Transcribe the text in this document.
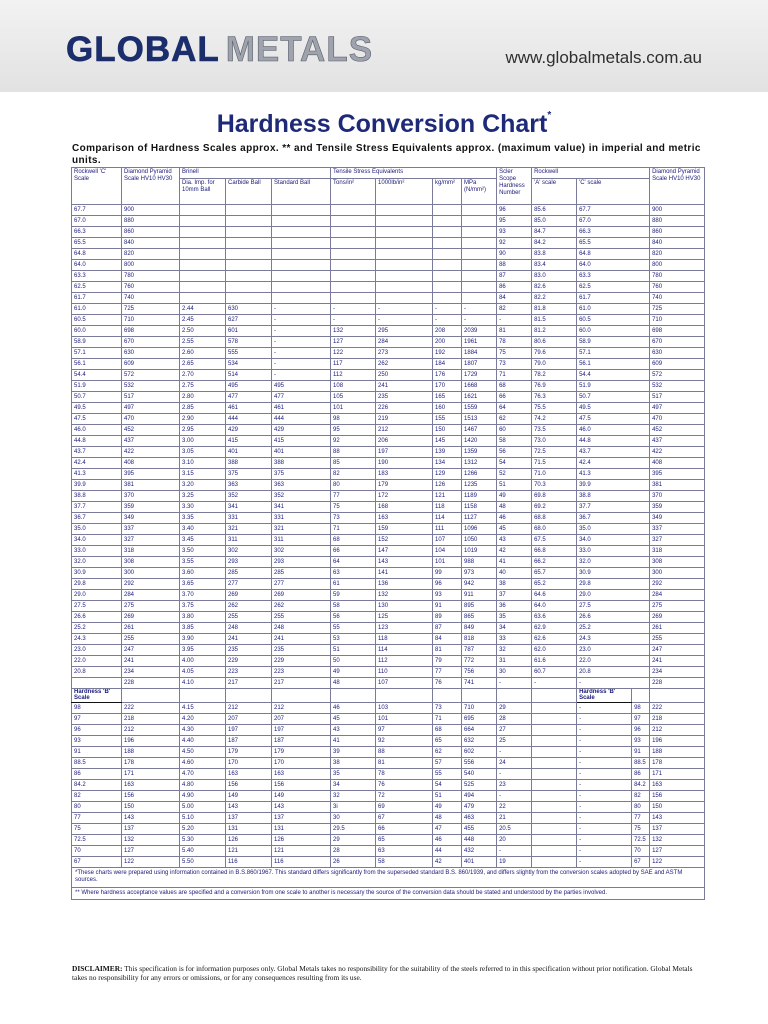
GLOBAL METALS	www.globalmetals.com.au
Hardness Conversion Chart*
Comparison of Hardness Scales approx. ** and Tensile Stress Equivalents approx. (maximum value) in imperial and metric units.
Rockwell 'C' Scale	Diamond Pyramid Scale HV10 HV30	Brinell			Tensile Stress Equivalents				Scler Scope Hardness Number	Rockwell			Diamond Pyramid Scale HV10 HV30
		Dia. Imp. for 10mm Ball	Carbide Ball	Standard Ball	Tons/in²	1000lb/in²	kg/mm²	MPa (N/mm²)		'A' scale	'C' scale		
67.7	900								96	85.6	67.7		900
67.0	880								95	85.0	67.0		880
66.3	860								93	84.7	66.3		860
65.5	840								92	84.2	65.5		840
64.8	820								90	83.8	64.8		820
64.0	800								88	83.4	64.0		800
63.3	780								87	83.0	63.3		780
62.5	760								86	82.6	62.5		760
61.7	740								84	82.2	61.7		740
61.0	725	2.44	630	-	-	-	-	-	82	81.8	61.0		725
60.5	710	2.45	627	-	-	-	-	-	-	81.5	60.5		710
60.0	698	2.50	601	-	132	295	208	2039	81	81.2	60.0		698
58.9	670	2.55	578	-	127	284	200	1961	78	80.6	58.9		670
57.1	630	2.60	555	-	122	273	192	1884	75	79.6	57.1		630
56.1	609	2.65	534	-	117	262	184	1807	73	79.0	56.1		609
54.4	572	2.70	514	-	112	250	176	1729	71	78.2	54.4		572
51.9	532	2.75	495	495	108	241	170	1668	68	76.9	51.9		532
50.7	517	2.80	477	477	105	235	165	1621	66	76.3	50.7		517
49.5	497	2.85	461	461	101	226	160	1559	64	75.5	49.5		497
47.5	470	2.90	444	444	98	219	155	1513	62	74.2	47.5		470
46.0	452	2.95	429	429	95	212	150	1467	60	73.5	46.0		452
44.8	437	3.00	415	415	92	206	145	1420	58	73.0	44.8		437
43.7	422	3.05	401	401	88	197	139	1359	56	72.5	43.7		422
42.4	408	3.10	388	388	85	190	134	1312	54	71.5	42.4		408
41.3	395	3.15	375	375	82	183	129	1266	52	71.0	41.3		395
39.9	381	3.20	363	363	80	179	126	1235	51	70.3	39.9		381
38.8	370	3.25	352	352	77	172	121	1189	49	69.8	38.8		370
37.7	359	3.30	341	341	75	168	118	1158	48	69.2	37.7		359
36.7	349	3.35	331	331	73	163	114	1127	46	68.8	36.7		349
35.0	337	3.40	321	321	71	159	111	1096	45	68.0	35.0		337
34.0	327	3.45	311	311	68	152	107	1050	43	67.5	34.0		327
33.0	318	3.50	302	302	66	147	104	1019	42	66.8	33.0		318
32.0	308	3.55	293	293	64	143	101	988	41	66.2	32.0		308
30.9	300	3.60	285	285	63	141	99	973	40	65.7	30.9		300
29.8	292	3.65	277	277	61	136	96	942	38	65.2	29.8		292
29.0	284	3.70	269	269	59	132	93	911	37	64.6	29.0		284
27.5	275	3.75	262	262	58	130	91	895	36	64.0	27.5		275
26.6	269	3.80	255	255	56	125	89	865	35	63.6	26.6		269
25.2	261	3.85	248	248	55	123	87	849	34	62.9	25.2		261
24.3	255	3.90	241	241	53	118	84	818	33	62.6	24.3		255
23.0	247	3.95	235	235	51	114	81	787	32	62.0	23.0		247
22.0	241	4.00	229	229	50	112	79	772	31	61.6	22.0		241
20.8	234	4.05	223	223	49	110	77	756	30	60.7	20.8		234
	228	4.10	217	217	48	107	76	741	-	-	-		228
Hardness 'B' Scale											Hardness 'B' Scale		
98	222	4.15	212	212	46	103	73	710	29		-	98	222
97	218	4.20	207	207	45	101	71	695	28		-	97	218
96	212	4.30	197	197	43	97	68	664	27		-	96	212
93	196	4.40	187	187	41	92	65	632	25		-	93	196
91	188	4.50	179	179	39	88	62	602	-		-	91	188
88.5	178	4.60	170	170	38	81	57	556	24		-	88.5	178
86	171	4.70	163	163	35	78	55	540	-		-	86	171
84.2	163	4.80	156	156	34	76	54	525	23		-	84.2	163
82	156	4.90	149	149	32	72	51	494	-		-	82	156
80	150	5.00	143	143	3i	69	49	479	22		-	80	150
77	143	5.10	137	137	30	67	48	463	21		-	77	143
75	137	5.20	131	131	29.5	66	47	455	20.5		-	75	137
72.5	132	5.30	126	126	29	65	46	448	20		-	72.5	132
70	127	5.40	121	121	28	63	44	432	-		-	70	127
67	122	5.50	116	116	26	58	42	401	19		-	67	122
*These charts were prepared using information contained in B.S.860/1967. This standard differs significantly from the superseded standard B.S. 860/1939, and differs slightly from the conversion scales adopted by SAE and ASTM sources.													
** Where hardness acceptance values are specified and a conversion from one scale to another is necessary the source of the conversion data should be stated and understood by the parties involved.													
DISCLAIMER: This specification is for information purposes only. Global Metals takes no responsibility for the suitability of the steels referred to in this specification without prior notification. Global Metals takes no responsibility for any errors or omissions, or for any consequences resulting from its use.
